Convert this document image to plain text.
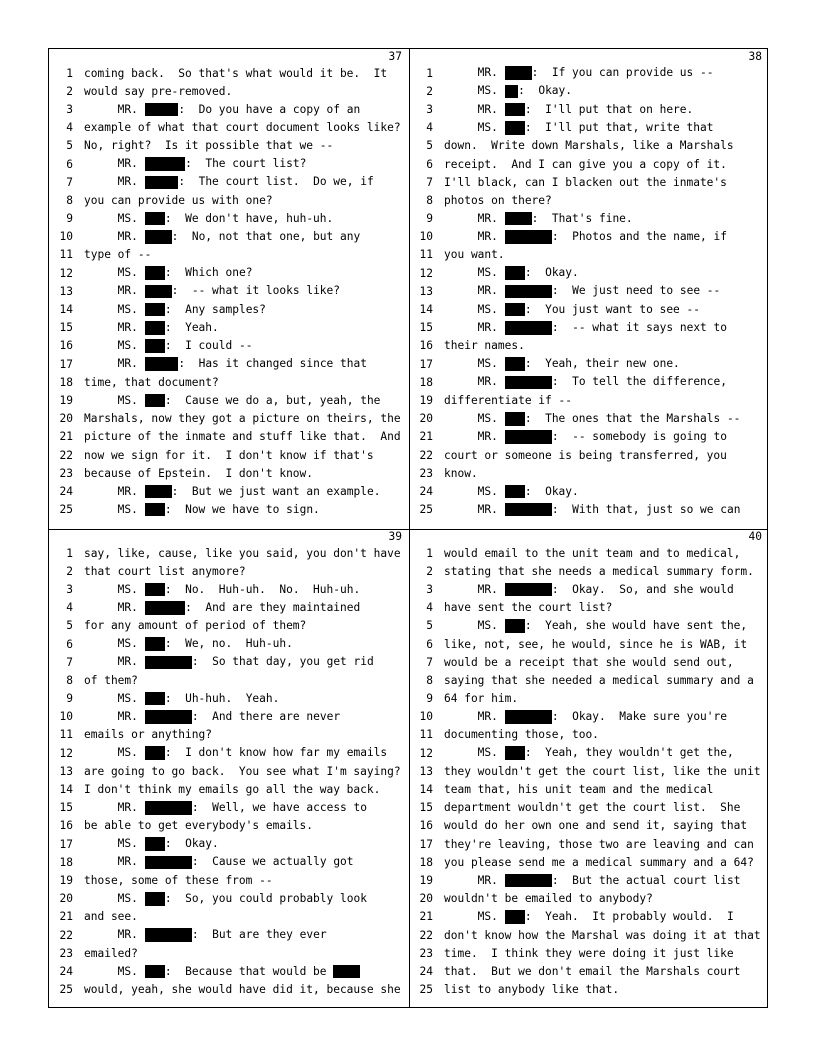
37
1 coming back.  So that's what would it be.  It
2 would say pre-removed.
3 MR.	:  Do you have a copy of an
4 example of what that court document looks like?
5 No, right?  Is it possible that we --
6 MR.	:  The court list?
7 MR.	:  The court list.  Do we, if
8 you can provide us with one?
9 MS. :  We don't have, huh-uh.
10 MR. :  No, not that one, but any
11 type of --
12 MS. :  Which one?
13 MR. :  -- what it looks like?
14 MS. :  Any samples?
15 MR. :  Yeah.
16 MS. :  I could --
17 MR.	:  Has it changed since that
18 time, that document?
19 MS. :  Cause we do a, but, yeah, the
20 Marshals, now they got a picture on theirs, the
21 picture of the inmate and stuff like that.  And
22 now we sign for it.  I don't know if that's
23 because of Epstein.  I don't know.
24 MR. :  But we just want an example.
25 MS. :  Now we have to sign.
38
1 MR. :  If you can provide us --
2 MS. :  Okay.
3 MR. :  I'll put that on here.
4 MS. :  I'll put that, write that
5 down.  Write down Marshals, like a Marshals
6 receipt.  And I can give you a copy of it.
7 I'll black, can I blacken out the inmate's
8 photos on there?
9 MR. :  That's fine.
10 MR.	:  Photos and the name, if
11 you want.
12 MS. :  Okay.
13 MR.	:  We just need to see --
14 MS. :  You just want to see --
15 MR.	:  -- what it says next to
16 their names.
17 MS. :  Yeah, their new one.
18 MR.	:  To tell the difference,
19 differentiate if --
20 MS. :  The ones that the Marshals --
21 MR.	:  -- somebody is going to
22 court or someone is being transferred, you
23 know.
24 MS. :  Okay.
25 MR.	:  With that, just so we can
39
1 say, like, cause, like you said, you don't have
2 that court list anymore?
3 MS. :  No.  Huh-uh.  No.  Huh-uh.
4 MR.	:  And are they maintained
5 for any amount of period of them?
6 MS. :  We, no.  Huh-uh.
7 MR.	:  So that day, you get rid
8 of them?
9 MS. :  Uh-huh.  Yeah.
10 MR.	:  And there are never
11 emails or anything?
12 MS. :  I don't know how far my emails
13 are going to go back.  You see what I'm saying?
14 I don't think my emails go all the way back.
15 MR.	:  Well, we have access to
16 be able to get everybody's emails.
17 MS. :  Okay.
18 MR.	:  Cause we actually got
19 those, some of these from --
20 MS. :  So, you could probably look
21 and see.
22 MR.	:  But are they ever
23 emailed?
24 MS. :  Because that would be
25 would, yeah, she would have did it, because she
40
1 would email to the unit team and to medical,
2 stating that she needs a medical summary form.
3 MR.	:  Okay.  So, and she would
4 have sent the court list?
5 MS. :  Yeah, she would have sent the,
6 like, not, see, he would, since he is WAB, it
7 would be a receipt that she would send out,
8 saying that she needed a medical summary and a
9 64 for him.
10 MR.	:  Okay.  Make sure you're
11 documenting those, too.
12 MS. :  Yeah, they wouldn't get the,
13 they wouldn't get the court list, like the unit
14 team that, his unit team and the medical
15 department wouldn't get the court list.  She
16 would do her own one and send it, saying that
17 they're leaving, those two are leaving and can
18 you please send me a medical summary and a 64?
19 MR.	:  But the actual court list
20 wouldn't be emailed to anybody?
21 MS. :  Yeah.  It probably would.  I
22 don't know how the Marshal was doing it at that
23 time.  I think they were doing it just like
24 that.  But we don't email the Marshals court
25 list to anybody like that.
